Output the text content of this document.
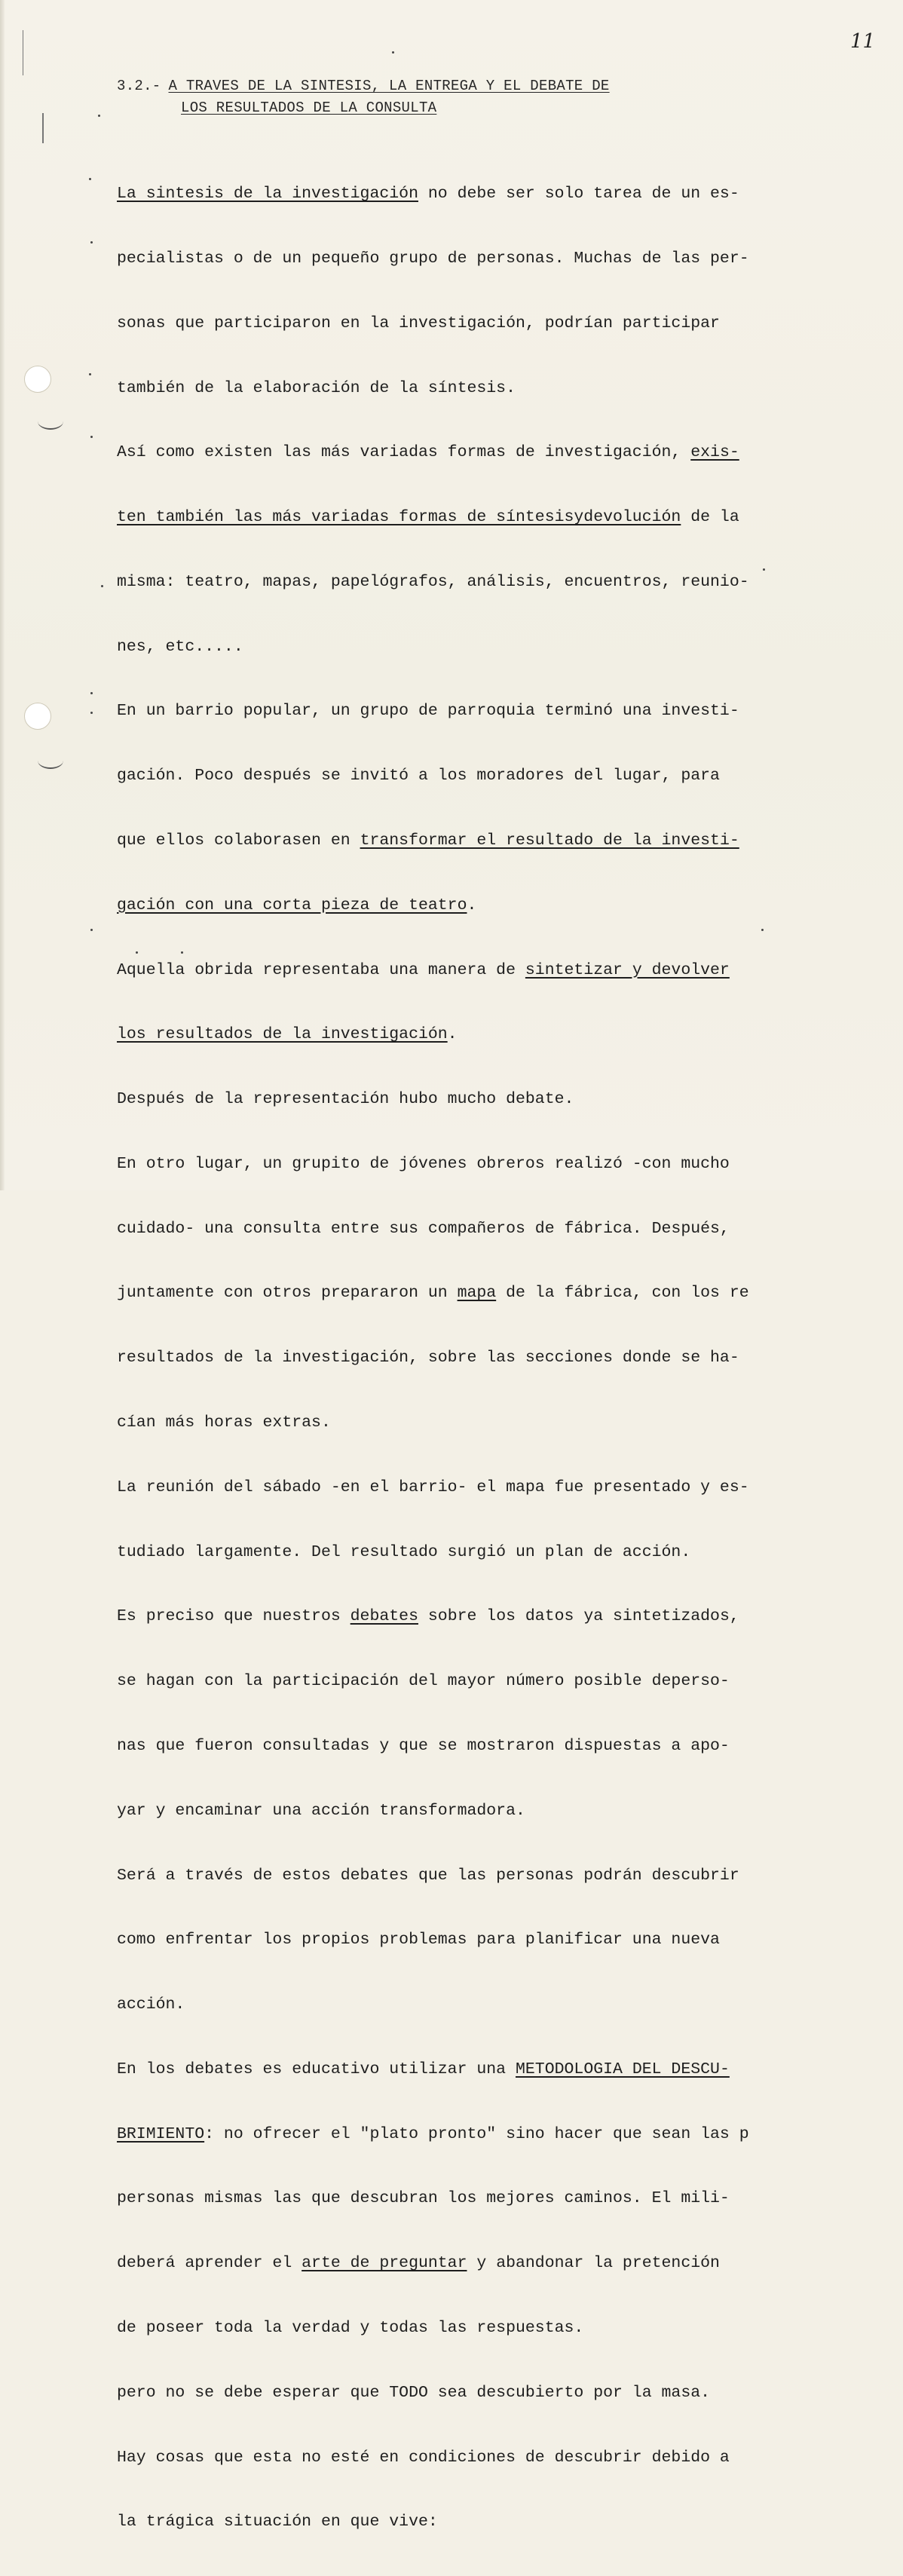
11
3.2.- A TRAVES DE LA SINTESIS, LA ENTREGA Y EL DEBATE DE
LOS RESULTADOS DE LA CONSULTA

La sintesis de la investigación no debe ser solo tarea de un es-

pecialistas o de un pequeño grupo de personas. Muchas de las per-

sonas que participaron en la investigación, podrían participar

también de la elaboración de la síntesis.

Así como existen las más variadas formas de investigación, exis-

ten también las más variadas formas de síntesisydevolución de la

misma: teatro, mapas, papelógrafos, análisis, encuentros, reunio-

nes, etc.....

En un barrio popular, un grupo de parroquia terminó una investi-

gación. Poco después se invitó a los moradores del lugar, para

que ellos colaborasen en transformar el resultado de la investi-

gación con una corta pieza de teatro.

Aquella obrida representaba una manera de sintetizar y devolver

los resultados de la investigación.

Después de la representación hubo mucho debate.

En otro lugar, un grupito de jóvenes obreros realizó -con mucho

cuidado- una consulta entre sus compañeros de fábrica. Después,

juntamente con otros prepararon un mapa de la fábrica, con los re

resultados de la investigación, sobre las secciones donde se ha-

cían más horas extras.

La reunión del sábado -en el barrio- el mapa fue presentado y es-

tudiado largamente. Del resultado surgió un plan de acción.

Es preciso que nuestros debates sobre los datos ya sintetizados,

se hagan con la participación del mayor número posible deperso-

nas que fueron consultadas y que se mostraron dispuestas a apo-

yar y encaminar una acción transformadora.

Será a través de estos debates que las personas podrán descubrir

como enfrentar los propios problemas para planificar una nueva

acción.

En los debates es educativo utilizar una METODOLOGIA DEL DESCU-

BRIMIENTO: no ofrecer el "plato pronto" sino hacer que sean las p

personas mismas las que descubran los mejores caminos. El mili-

deberá aprender el arte de preguntar y abandonar la pretención

de poseer toda la verdad y todas las respuestas.

pero no se debe esperar que TODO sea descubierto por la masa.

Hay cosas que esta no esté en condiciones de descubrir debido a

la trágica situación en que vive:
